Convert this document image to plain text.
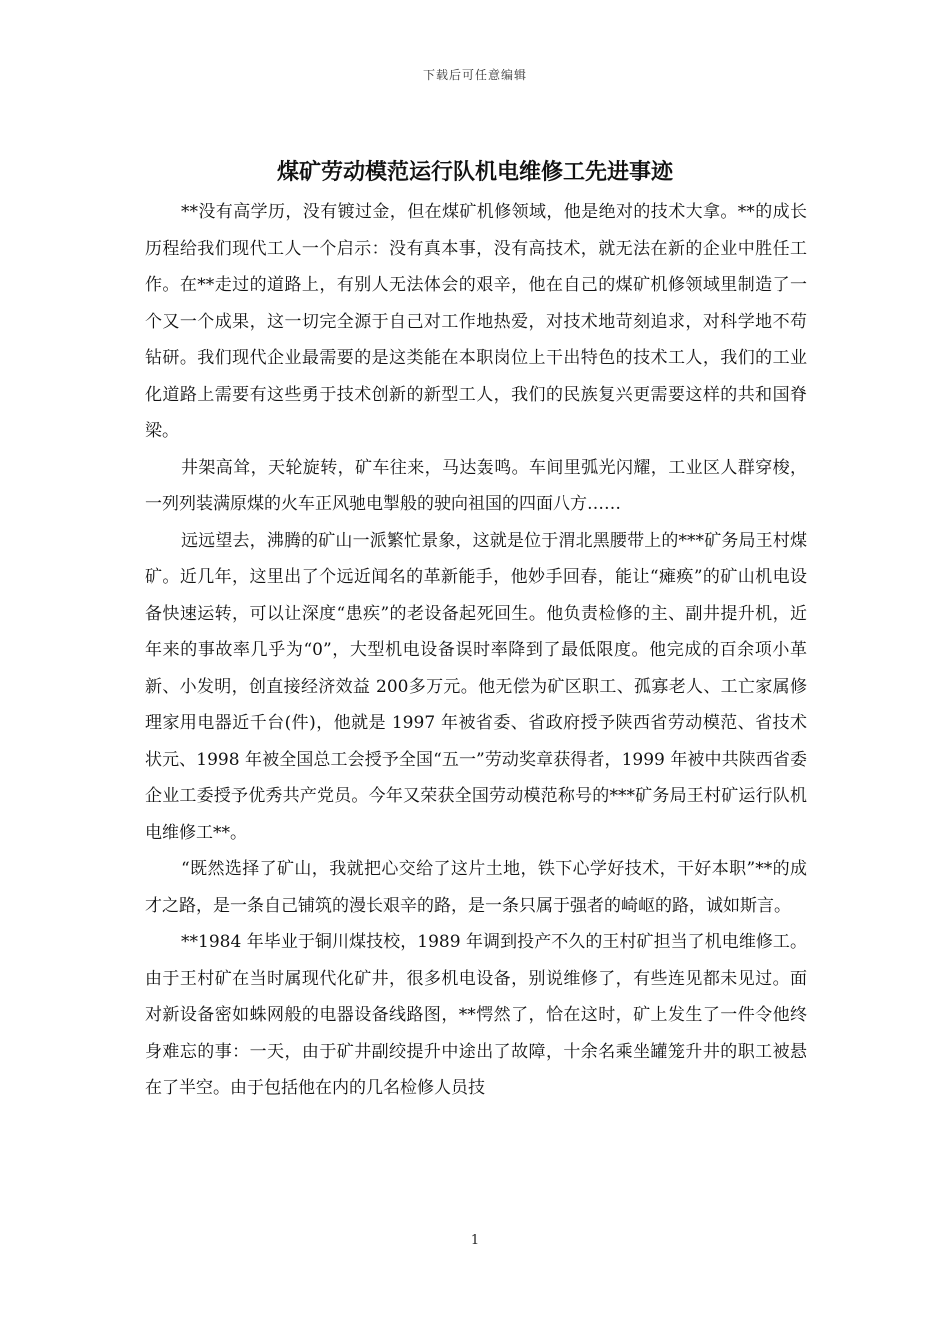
下载后可任意编辑
煤矿劳动模范运行队机电维修工先进事迹

**没有高学历，没有镀过金，但在煤矿机修领域，他是绝对的技术大拿。**的成长历程给我们现代工人一个启示：没有真本事，没有高技术，就无法在新的企业中胜任工作。在**走过的道路上，有别人无法体会的艰辛，他在自己的煤矿机修领域里制造了一个又一个成果，这一切完全源于自己对工作地热爱，对技术地苛刻追求，对科学地不苟钻研。我们现代企业最需要的是这类能在本职岗位上干出特色的技术工人，我们的工业化道路上需要有这些勇于技术创新的新型工人，我们的民族复兴更需要这样的共和国脊梁。

井架高耸，天轮旋转，矿车往来，马达轰鸣。车间里弧光闪耀，工业区人群穿梭，一列列装满原煤的火车正风驰电掣般的驶向祖国的四面八方……

远远望去，沸腾的矿山一派繁忙景象，这就是位于渭北黑腰带上的***矿务局王村煤矿。近几年，这里出了个远近闻名的革新能手，他妙手回春，能让“瘫痪”的矿山机电设备快速运转，可以让深度“患疾”的老设备起死回生。他负责检修的主、副井提升机，近年来的事故率几乎为“0”，大型机电设备误时率降到了最低限度。他完成的百余项小革新、小发明，创直接经济效益 200多万元。他无偿为矿区职工、孤寡老人、工亡家属修理家用电器近千台(件)，他就是 1997 年被省委、省政府授予陕西省劳动模范、省技术状元、1998 年被全国总工会授予全国“五一”劳动奖章获得者，1999 年被中共陕西省委企业工委授予优秀共产党员。今年又荣获全国劳动模范称号的***矿务局王村矿运行队机电维修工**。

“既然选择了矿山，我就把心交给了这片土地，铁下心学好技术，干好本职”**的成才之路，是一条自己铺筑的漫长艰辛的路，是一条只属于强者的崎岖的路，诚如斯言。

**1984 年毕业于铜川煤技校，1989 年调到投产不久的王村矿担当了机电维修工。由于王村矿在当时属现代化矿井，很多机电设备，别说维修了，有些连见都未见过。面对新设备密如蛛网般的电器设备线路图，**愕然了，恰在这时，矿上发生了一件令他终身难忘的事：一天，由于矿井副绞提升中途出了故障，十余名乘坐罐笼升井的职工被悬在了半空。由于包括他在内的几名检修人员技

1
